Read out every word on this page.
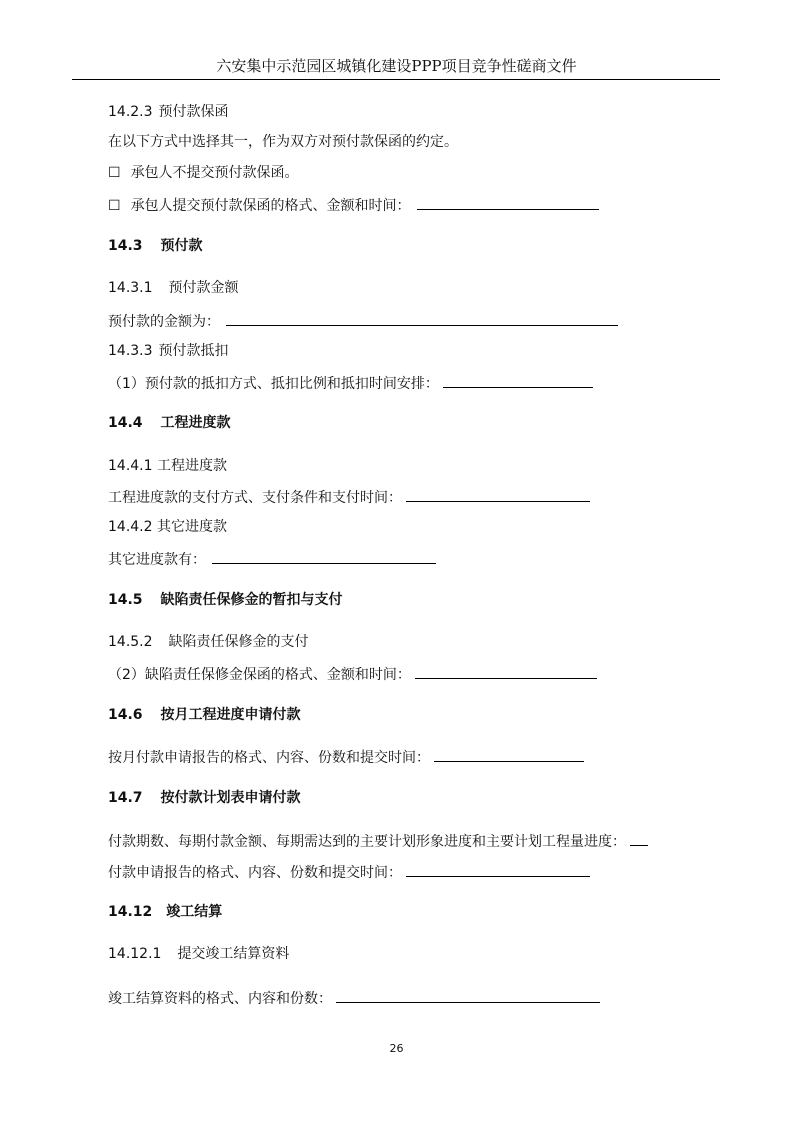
六安集中示范园区城镇化建设PPP项目竞争性磋商文件
14.2.3 预付款保函
在以下方式中选择其一，作为双方对预付款保函的约定。
☐ 承包人不提交预付款保函。
☐ 承包人提交预付款保函的格式、金额和时间：
14.3 预付款
14.3.1 预付款金额
预付款的金额为：
14.3.3 预付款抵扣
（1）预付款的抵扣方式、抵扣比例和抵扣时间安排：
14.4 工程进度款
14.4.1 工程进度款
工程进度款的支付方式、支付条件和支付时间：
14.4.2 其它进度款
其它进度款有：
14.5 缺陷责任保修金的暂扣与支付
14.5.2 缺陷责任保修金的支付
（2）缺陷责任保修金保函的格式、金额和时间：
14.6 按月工程进度申请付款
按月付款申请报告的格式、内容、份数和提交时间：
14.7 按付款计划表申请付款
付款期数、每期付款金额、每期需达到的主要计划形象进度和主要计划工程量进度：
付款申请报告的格式、内容、份数和提交时间：
14.12 竣工结算
14.12.1 提交竣工结算资料
竣工结算资料的格式、内容和份数：
26
